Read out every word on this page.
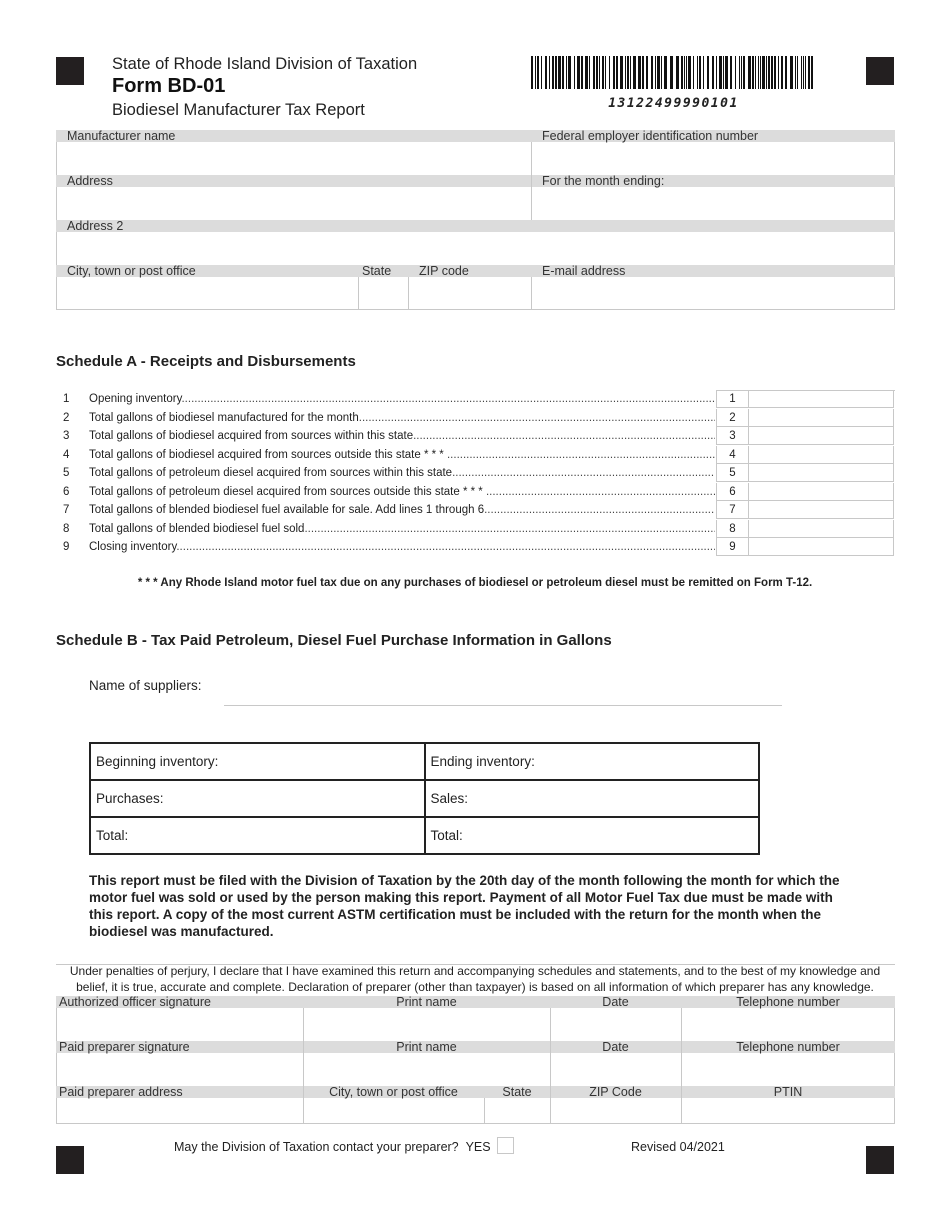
State of Rhode Island Division of Taxation
Form BD-01
Biodiesel Manufacturer Tax Report	13122499990101
Manufacturer name	Federal employer identification number
Address	For the month ending:
Address 2
City, town or post office	State	ZIP code	E-mail address
Schedule A - Receipts and Disbursements
1	Opening inventory .....	1
2	Total gallons of biodiesel manufactured for the month .....	2
3	Total gallons of biodiesel acquired from sources within this state .....	3
4	Total gallons of biodiesel acquired from sources outside this state * * * .....	4
5	Total gallons of petroleum diesel acquired from sources within this state .....	5
6	Total gallons of petroleum diesel acquired from sources outside this state * * * .....	6
7	Total gallons of blended biodiesel fuel available for sale. Add lines 1 through 6 .....	7
8	Total gallons of blended biodiesel fuel sold .....	8
9	Closing inventory .....	9
* * * Any Rhode Island motor fuel tax due on any purchases of biodiesel or petroleum diesel must be remitted on Form T-12.
Schedule B - Tax Paid Petroleum, Diesel Fuel Purchase Information in Gallons
Name of suppliers:
Beginning inventory:	Ending inventory:
Purchases:	Sales:
Total:	Total:
This report must be filed with the Division of Taxation by the 20th day of the month following the month for which the motor fuel was sold or used by the person making this report. Payment of all Motor Fuel Tax due must be made with this report. A copy of the most current ASTM certification must be included with the return for the month when the biodiesel was manufactured.
Under penalties of perjury, I declare that I have examined this return and accompanying schedules and statements, and to the best of my knowledge and belief, it is true, accurate and complete. Declaration of preparer (other than taxpayer) is based on all information of which preparer has any knowledge.
Authorized officer signature	Print name	Date	Telephone number
Paid preparer signature	Print name	Date	Telephone number
Paid preparer address	City, town or post office	State	ZIP Code	PTIN
May the Division of Taxation contact your preparer? YES	Revised 04/2021
